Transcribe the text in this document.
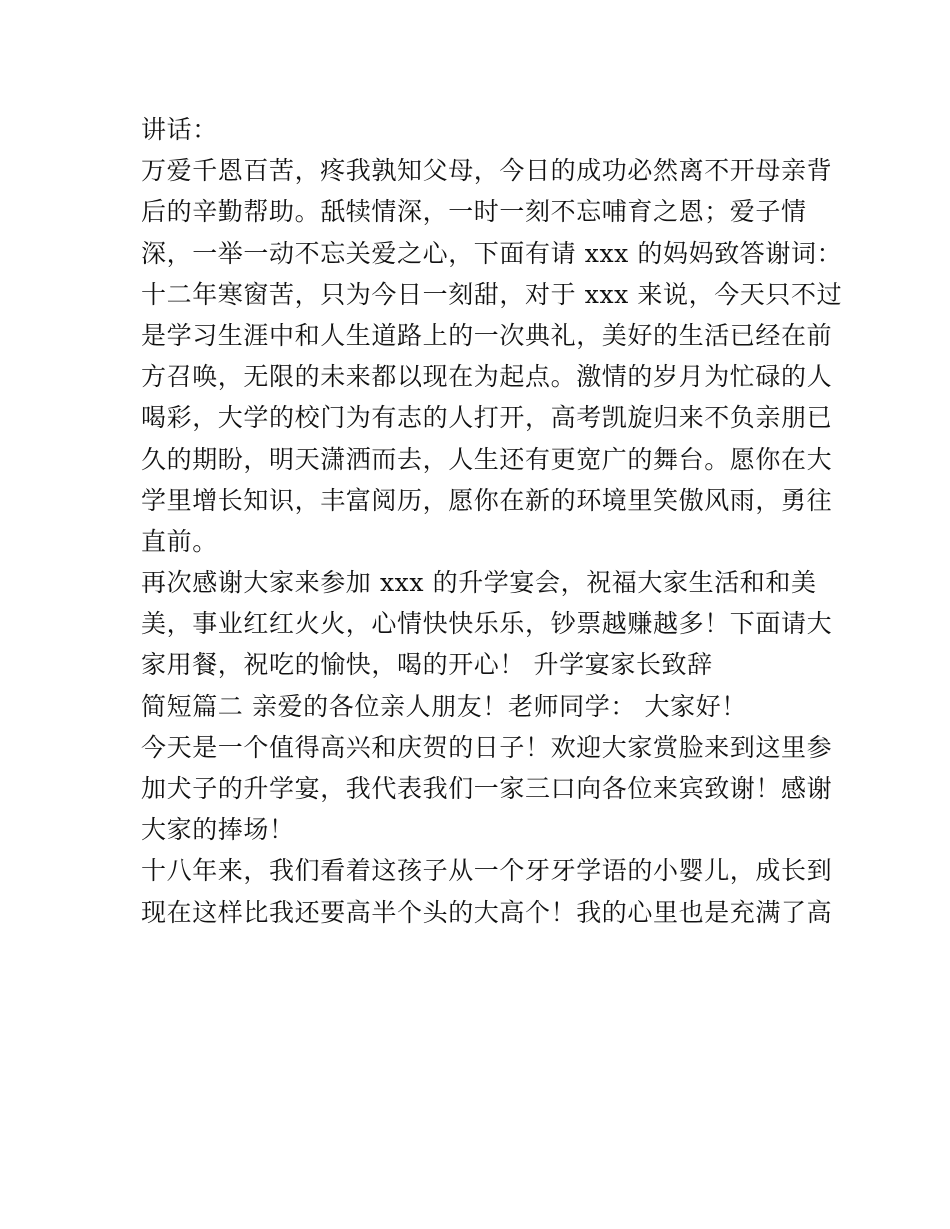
讲话：
万爱千恩百苦，疼我孰知父母，今日的成功必然离不开母亲背
后的辛勤帮助。舐犊情深，一时一刻不忘哺育之恩；爱子情
深，一举一动不忘关爱之心，下面有请 xxx 的妈妈致答谢词：
十二年寒窗苦，只为今日一刻甜，对于 xxx 来说，今天只不过
是学习生涯中和人生道路上的一次典礼，美好的生活已经在前
方召唤，无限的未来都以现在为起点。激情的岁月为忙碌的人
喝彩，大学的校门为有志的人打开，高考凯旋归来不负亲朋已
久的期盼，明天潇洒而去，人生还有更宽广的舞台。愿你在大
学里增长知识，丰富阅历，愿你在新的环境里笑傲风雨，勇往
直前。
再次感谢大家来参加 xxx 的升学宴会，祝福大家生活和和美
美，事业红红火火，心情快快乐乐，钞票越赚越多！下面请大
家用餐，祝吃的愉快，喝的开心！ 升学宴家长致辞
简短篇二 亲爱的各位亲人朋友！老师同学： 大家好！
今天是一个值得高兴和庆贺的日子！欢迎大家赏脸来到这里参
加犬子的升学宴，我代表我们一家三口向各位来宾致谢！感谢
大家的捧场！
十八年来，我们看着这孩子从一个牙牙学语的小婴儿，成长到
现在这样比我还要高半个头的大高个！我的心里也是充满了高
